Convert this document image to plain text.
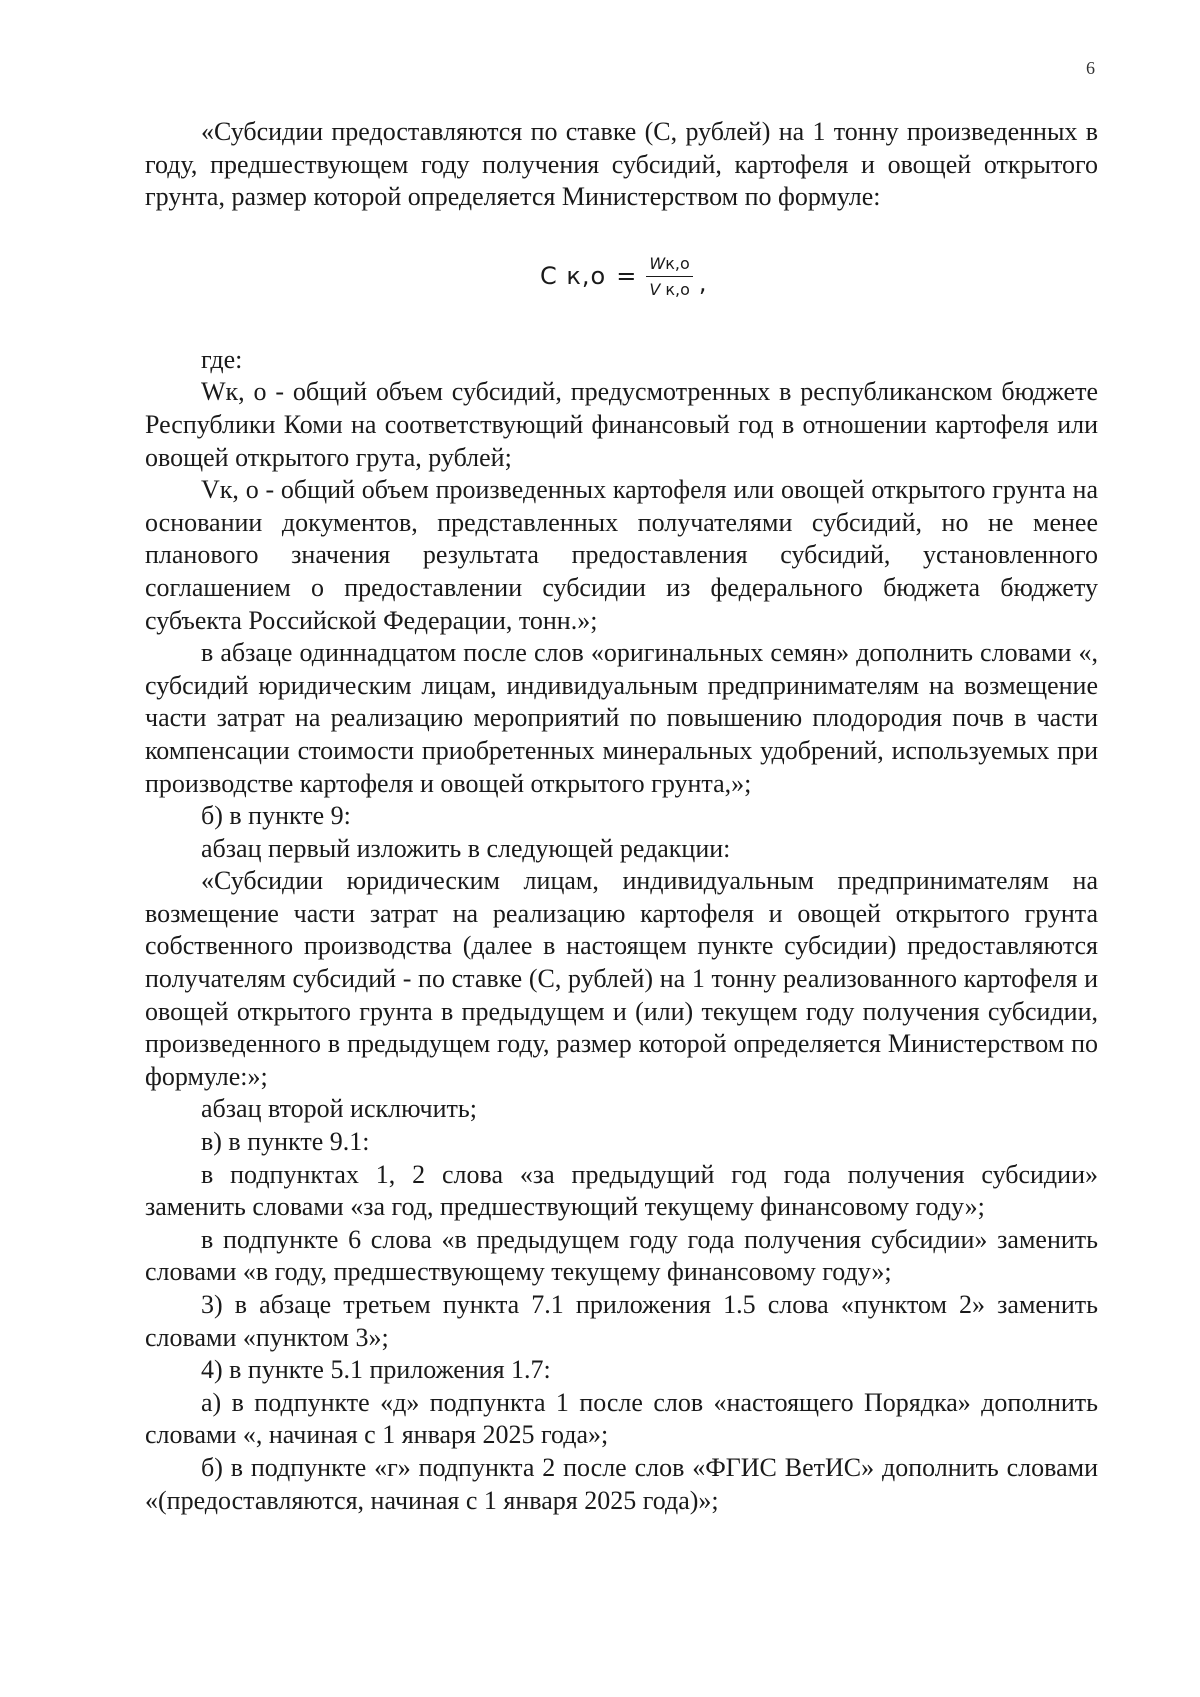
6

«Субсидии предоставляются по ставке (С, рублей) на 1 тонну произведенных в году, предшествующем году получения субсидий, картофеля и овощей открытого грунта, размер которой определяется Министерством по формуле:

С $к,о = \frac{Wк,о}{\text{V к,о}}$ ,

где:

Wк, о - общий объем субсидий, предусмотренных в республиканском бюджете Республики Коми на соответствующий финансовый год в отношении картофеля или овощей открытого грута, рублей;

Vк, о - общий объем произведенных картофеля или овощей открытого грунта на основании документов, представленных получателями субсидий, но не менее планового значения результата предоставления субсидий, установленного соглашением о предоставлении субсидии из федерального бюджета бюджету субъекта Российской Федерации, тонн.»;

в абзаце одиннадцатом после слов «оригинальных семян» дополнить словами «, субсидий юридическим лицам, индивидуальным предпринимателям на возмещение части затрат на реализацию мероприятий по повышению плодородия почв в части компенсации стоимости приобретенных минеральных удобрений, используемых при производстве картофеля и овощей открытого грунта,»;

б) в пункте 9:

абзац первый изложить в следующей редакции:

«Субсидии юридическим лицам, индивидуальным предпринимателям на возмещение части затрат на реализацию картофеля и овощей открытого грунта собственного производства (далее в настоящем пункте субсидии) предоставляются получателям субсидий - по ставке (С, рублей) на 1 тонну реализованного картофеля и овощей открытого грунта в предыдущем и (или) текущем году получения субсидии, произведенного в предыдущем году, размер которой определяется Министерством по формуле:»;

абзац второй исключить;

в) в пункте 9.1:

в подпунктах 1, 2 слова «за предыдущий год года получения субсидии» заменить словами «за год, предшествующий текущему финансовому году»;

в подпункте 6 слова «в предыдущем году года получения субсидии» заменить словами «в году, предшествующему текущему финансовому году»;

3) в абзаце третьем пункта 7.1 приложения 1.5 слова «пунктом 2» заменить словами «пунктом 3»;

4) в пункте 5.1 приложения 1.7:

а) в подпункте «д» подпункта 1 после слов «настоящего Порядка» дополнить словами «, начиная с 1 января 2025 года»;

б) в подпункте «г» подпункта 2 после слов «ФГИС ВетИС» дополнить словами «(предоставляются, начиная с 1 января 2025 года)»;
